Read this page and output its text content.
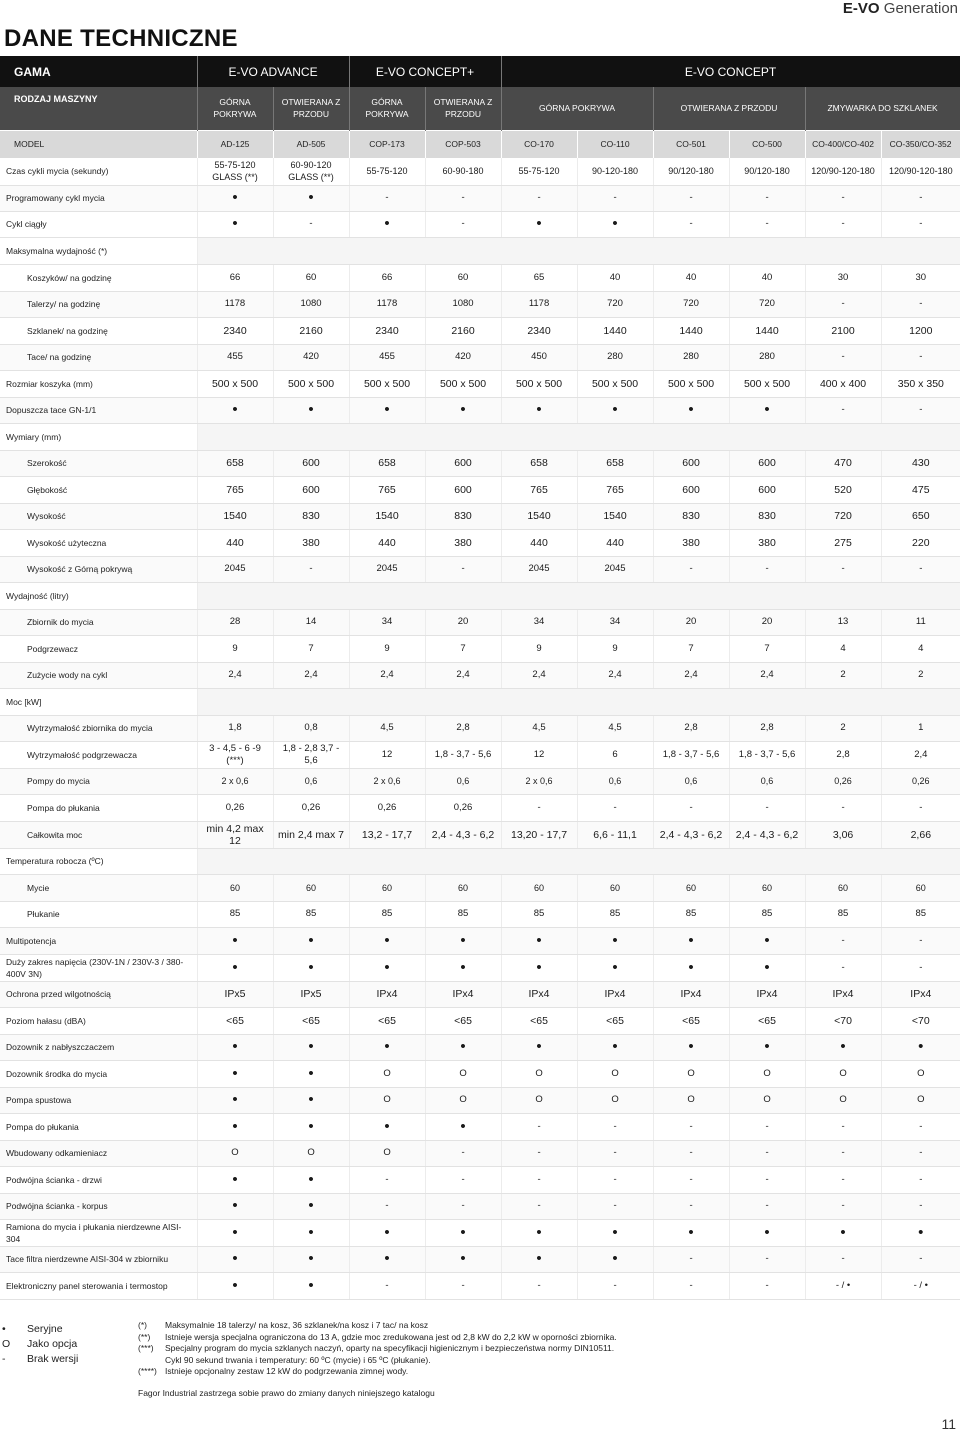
E-VO Generation
DANE TECHNICZNE
GAMA	E-VO ADVANCE		E-VO CONCEPT+		E-VO CONCEPT					
RODZAJ MASZYNY	GÓRNA POKRYWA	OTWIERANA Z PRZODU	GÓRNA POKRYWA	OTWIERANA Z PRZODU	GÓRNA POKRYWA		OTWIERANA Z PRZODU		ZMYWARKA DO SZKLANEK	
MODEL	AD-125	AD-505	COP-173	COP-503	CO-170	CO-110	CO-501	CO-500	CO-400/CO-402	CO-350/CO-352
Czas cykli mycia (sekundy)	55-75-120 GLASS (**)	60-90-120 GLASS (**)	55-75-120	60-90-180	55-75-120	90-120-180	90/120-180	90/120-180	120/90-120-180	120/90-120-180
Programowany cykl mycia	•	•	-	-	-	-	-	-	-	-
Cykl ciągły	•	-	•	-	•	•	-	-	-	-
Maksymalna wydajność (*)										
Koszyków/ na godzinę	66	60	66	60	65	40	40	40	30	30
Talerzy/ na godzinę	1178	1080	1178	1080	1178	720	720	720	-	-
Szklanek/ na godzinę	2340	2160	2340	2160	2340	1440	1440	1440	2100	1200
Tace/ na godzinę	455	420	455	420	450	280	280	280	-	-
Rozmiar koszyka (mm)	500 x 500	500 x 500	500 x 500	500 x 500	500 x 500	500 x 500	500 x 500	500 x 500	400 x 400	350 x 350
Dopuszcza tace GN-1/1	•	•	•	•	•	•	•	•	-	-
Wymiary (mm)										
Szerokość	658	600	658	600	658	658	600	600	470	430
Głębokość	765	600	765	600	765	765	600	600	520	475
Wysokość	1540	830	1540	830	1540	1540	830	830	720	650
Wysokość użyteczna	440	380	440	380	440	440	380	380	275	220
Wysokość z Górną pokrywą	2045	-	2045	-	2045	2045	-	-	-	-
Wydajność (litry)										
Zbiornik do mycia	28	14	34	20	34	34	20	20	13	11
Podgrzewacz	9	7	9	7	9	9	7	7	4	4
Zużycie wody na cykl	2,4	2,4	2,4	2,4	2,4	2,4	2,4	2,4	2	2
Moc [kW]										
Wytrzymałość zbiornika do mycia	1,8	0,8	4,5	2,8	4,5	4,5	2,8	2,8	2	1
Wytrzymałość podgrzewacza	3 - 4,5 - 6 -9 (***)	1,8 - 2,8 3,7 - 5,6	12	1,8 - 3,7 - 5,6	12	6	1,8 - 3,7 - 5,6	1,8 - 3,7 - 5,6	2,8	2,4
Pompy do mycia	2 x 0,6	0,6	2 x 0,6	0,6	2 x 0,6	0,6	0,6	0,6	0,26	0,26
Pompa do płukania	0,26	0,26	0,26	0,26	-	-	-	-	-	-
Całkowita moc	min 4,2 max 12	min 2,4 max 7	13,2 - 17,7	2,4 - 4,3 - 6,2	13,20 - 17,7	6,6 - 11,1	2,4 - 4,3 - 6,2	2,4 - 4,3 - 6,2	3,06	2,66
Temperatura robocza (ºC)										
Mycie	60	60	60	60	60	60	60	60	60	60
Płukanie	85	85	85	85	85	85	85	85	85	85
Multipotencja	•	•	•	•	•	•	•	•	-	-
Duży zakres napięcia (230V-1N / 230V-3 / 380-400V 3N)	•	•	•	•	•	•	•	•	-	-
Ochrona przed wilgotnością	IPx5	IPx5	IPx4	IPx4	IPx4	IPx4	IPx4	IPx4	IPx4	IPx4
Poziom hałasu (dBA)	<65	<65	<65	<65	<65	<65	<65	<65	<70	<70
Dozownik z nabłyszczaczem	•	•	•	•	•	•	•	•	•	•
Dozownik środka do mycia	•	•	O	O	O	O	O	O	O	O
Pompa spustowa	•	•	O	O	O	O	O	O	O	O
Pompa do płukania	•	•	•	•	-	-	-	-	-	-
Wbudowany odkamieniacz	O	O	O	-	-	-	-	-	-	-
Podwójna ścianka - drzwi	•	•	-	-	-	-	-	-	-	-
Podwójna ścianka - korpus	•	•	-	-	-	-	-	-	-	-
Ramiona do mycia i płukania nierdzewne AISI-304	•	•	•	•	•	•	•	•	•	•
Tace filtra nierdzewne AISI-304 w zbiorniku	•	•	•	•	•	•	-	-	-	-
Elektroniczny panel sterowania i termostop	•	•	-	-	-	-	-	-	- / •	- / •
•	Seryjne
O	Jako opcja
-	Brak wersji
(*)	Maksymalnie 18 talerzy/ na kosz, 36 szklanek/na kosz i 7 tac/ na kosz
(**)	Istnieje wersja specjalna ograniczona do 13 A, gdzie moc zredukowana jest od 2,8 kW do 2,2 kW w oporności zbiornika.
(***)	Specjalny program do mycia szklanych naczyń, oparty na specyfikacji higienicznym i bezpieczeństwa normy DIN10511.
Cykl 90 sekund trwania i temperatury: 60 ºC (mycie) i 65 ºC (płukanie).
(****) Istnieje opcjonalny zestaw 12 kW do podgrzewania zimnej wody.
Fagor Industrial zastrzega sobie prawo do zmiany danych niniejszego katalogu
11
